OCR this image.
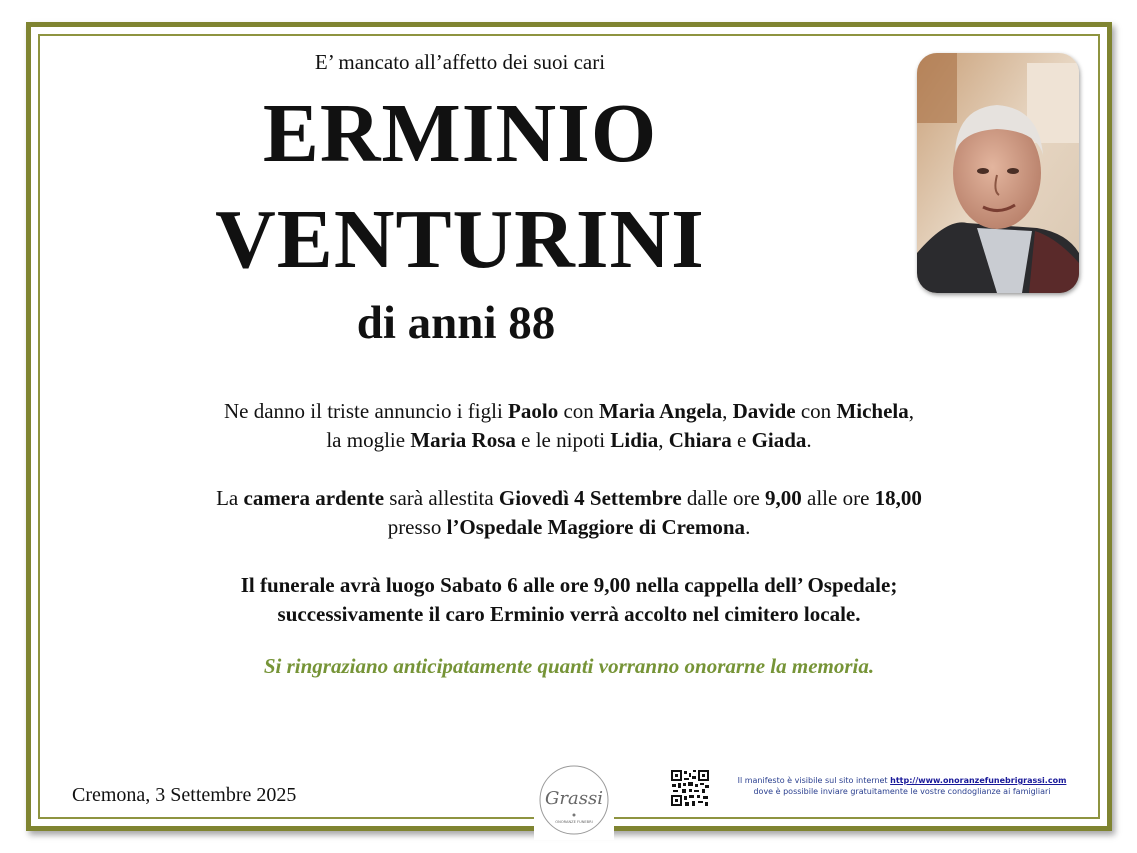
E’ mancato all’affetto dei suoi cari
ERMINIO
VENTURINI
di anni 88
Ne danno il triste annuncio i figli Paolo con Maria Angela, Davide con Michela,
la moglie Maria Rosa e le nipoti Lidia, Chiara e Giada.
La camera ardente sarà allestita Giovedì 4 Settembre dalle ore 9,00 alle ore 18,00
presso l’Ospedale Maggiore di Cremona.
Il funerale avrà luogo Sabato 6 alle ore 9,00 nella cappella dell’ Ospedale;
successivamente il caro Erminio verrà accolto nel cimitero locale.
Si ringraziano anticipatamente quanti vorranno onorarne la memoria.
Cremona, 3 Settembre 2025	Grassi
ONORANZE FUNEBRI
Il manifesto è visibile sul sito internet http://www.onoranzefunebrigrassi.com
dove è possibile inviare gratuitamente le vostre condoglianze ai famigliari
